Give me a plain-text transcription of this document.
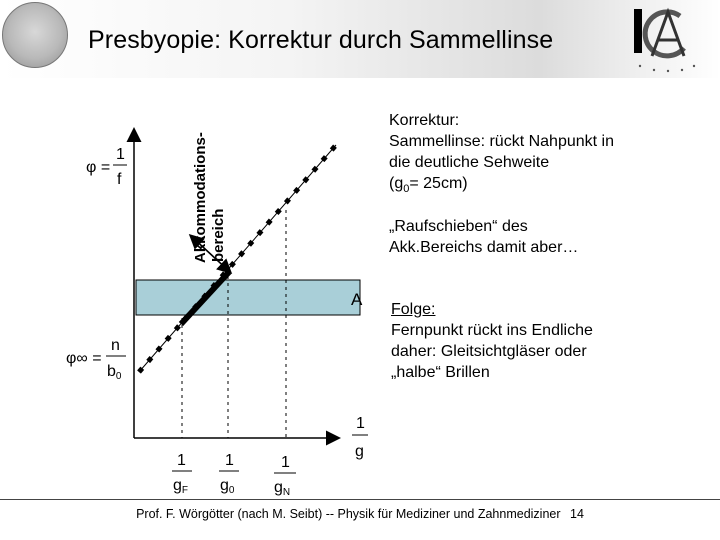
Presbyopie: Korrektur durch Sammellinse
φ =
1
f
φ∞ =
n
b0
1
g
1
gF
1
g0
1
gN
Akkommodations- bereich
A

Korrektur:

Sammellinse: rückt Nahpunkt in

die deutliche Sehweite

$(g_0= 25cm)$

„Raufschieben“ des

Akk.Bereichs damit aber…

Folge:

Fernpunkt rückt ins Endliche

daher: Gleitsichtgläser oder

„halbe“ Brillen

Prof. F. Wörgötter (nach M. Seibt) -- Physik für Mediziner und Zahnmediziner 14
